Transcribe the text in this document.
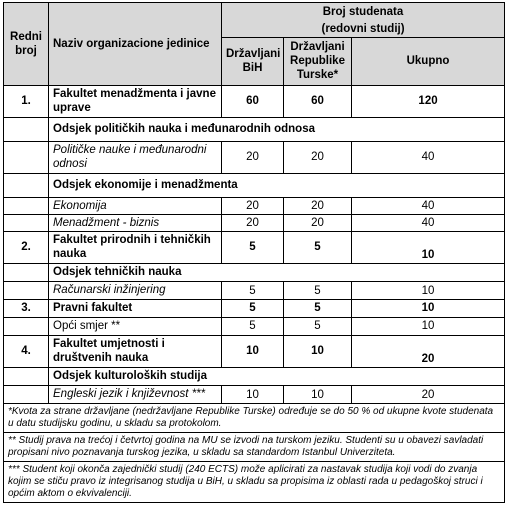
Redni broj	Naziv organizacione jedinice	Broj studenata		
		(redovni studij)		
		Državljani BiH	Državljani Republike Turske*	Ukupno
1.	Fakultet menadžmenta i javne uprave	60	60	120
	Odsjek političkih nauka i međunarodnih odnosa			
	Političke nauke i međunarodni odnosi	20	20	40
	Odsjek ekonomije i menadžmenta			
	Ekonomija	20	20	40
	Menadžment - biznis	20	20	40
2.	Fakultet prirodnih i tehničkih nauka	5	5	10
	Odsjek tehničkih nauka			
	Računarski inžinjering	5	5	10
3.	Pravni fakultet	5	5	10
	Opći smjer **	5	5	10
4.	Fakultet umjetnosti i društvenih nauka	10	10	20
	Odsjek kulturoloških studija			
	Engleski jezik i književnost ***	10	10	20
*Kvota za strane državljane (nedržavljane Republike Turske) određuje se do 50 % od ukupne kvote studenata u datu studijsku godinu, u skladu sa protokolom.				
** Studij prava na trećoj i četvrtoj godina na MU se izvodi na turskom jeziku. Studenti su u obavezi savladati propisani nivo poznavanja turskog jezika, u skladu sa standardom Istanbul Univerziteta.				
*** Student koji okonča zajednički studij (240 ECTS) može aplicirati za nastavak studija koji vodi do zvanja kojim se stiču pravo iz integrisanog studija u BiH, u skladu sa propisima iz oblasti rada u pedagoškoj struci i općim aktom o ekvivalenciji.				
